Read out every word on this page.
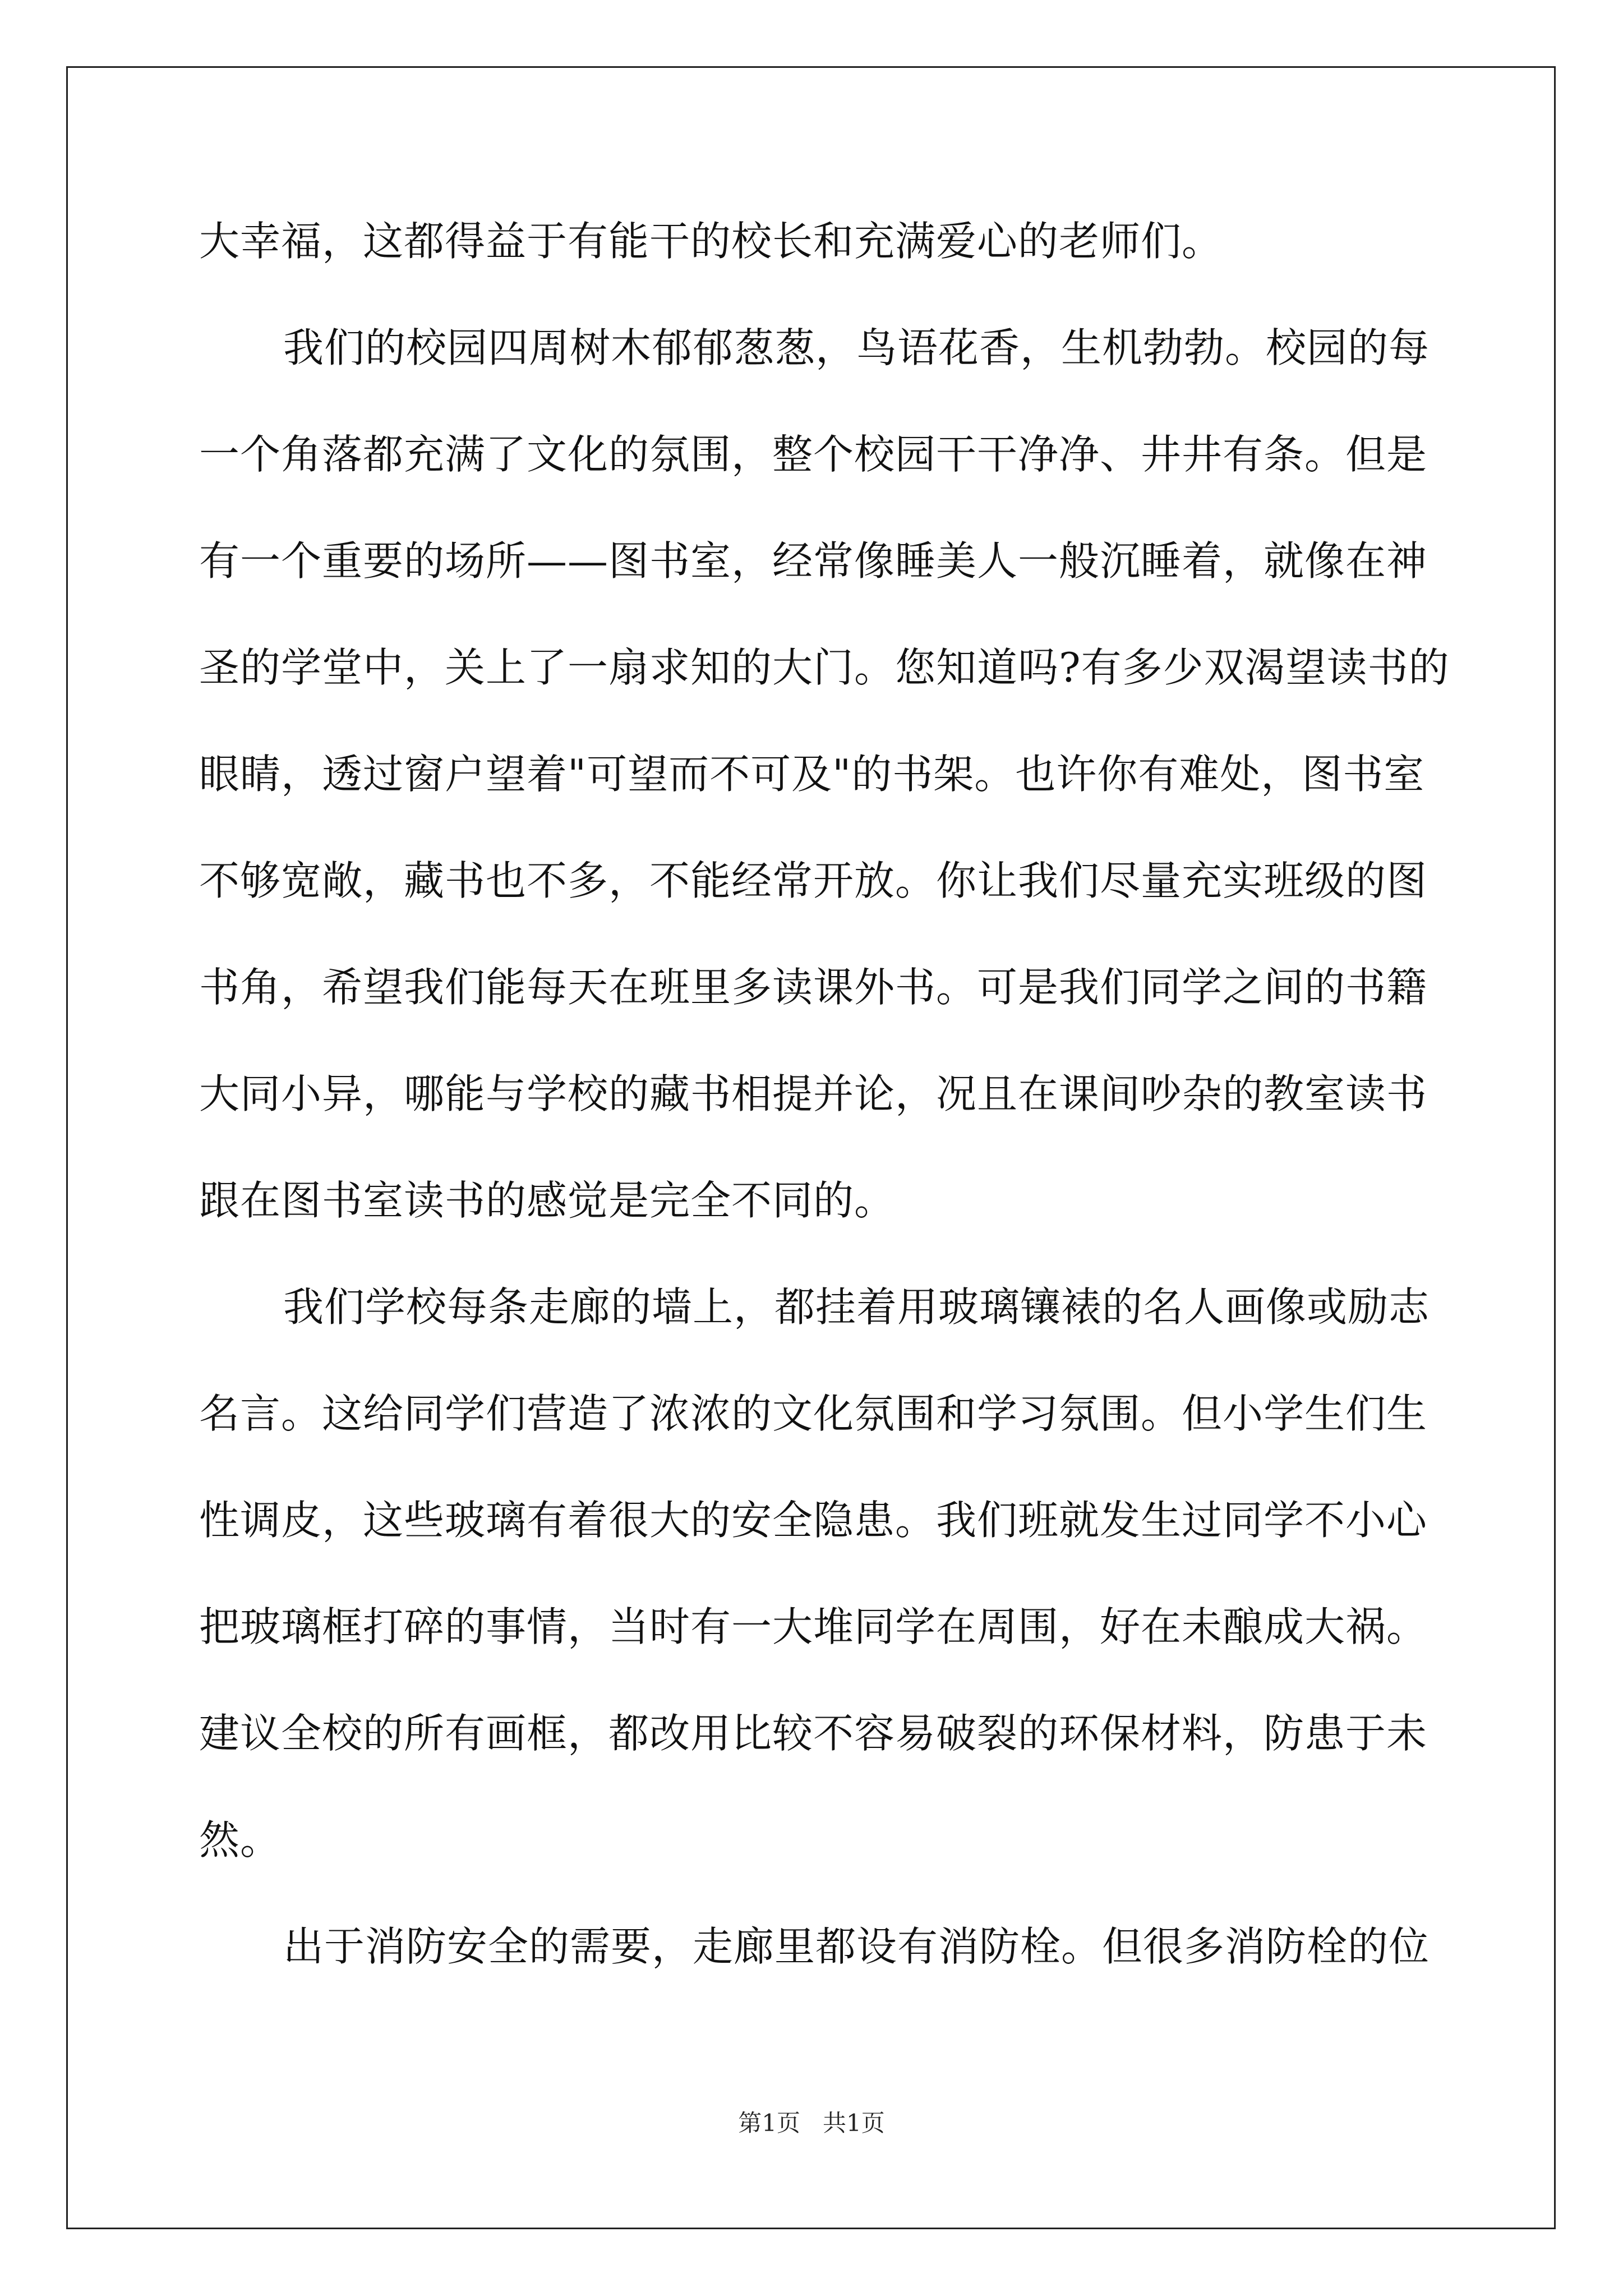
大幸福，这都得益于有能干的校长和充满爱心的老师们。
我们的校园四周树木郁郁葱葱，鸟语花香，生机勃勃。校园的每
一个角落都充满了文化的氛围，整个校园干干净净、井井有条。但是
有一个重要的场所——图书室，经常像睡美人一般沉睡着，就像在神
圣的学堂中，关上了一扇求知的大门。您知道吗?有多少双渴望读书的
眼睛，透过窗户望着"可望而不可及"的书架。也许你有难处，图书室
不够宽敞，藏书也不多，不能经常开放。你让我们尽量充实班级的图
书角，希望我们能每天在班里多读课外书。可是我们同学之间的书籍
大同小异，哪能与学校的藏书相提并论，况且在课间吵杂的教室读书
跟在图书室读书的感觉是完全不同的。
我们学校每条走廊的墙上，都挂着用玻璃镶裱的名人画像或励志
名言。这给同学们营造了浓浓的文化氛围和学习氛围。但小学生们生
性调皮，这些玻璃有着很大的安全隐患。我们班就发生过同学不小心
把玻璃框打碎的事情，当时有一大堆同学在周围，好在未酿成大祸。
建议全校的所有画框，都改用比较不容易破裂的环保材料，防患于未
然。
出于消防安全的需要，走廊里都设有消防栓。但很多消防栓的位
第1页   共1页
